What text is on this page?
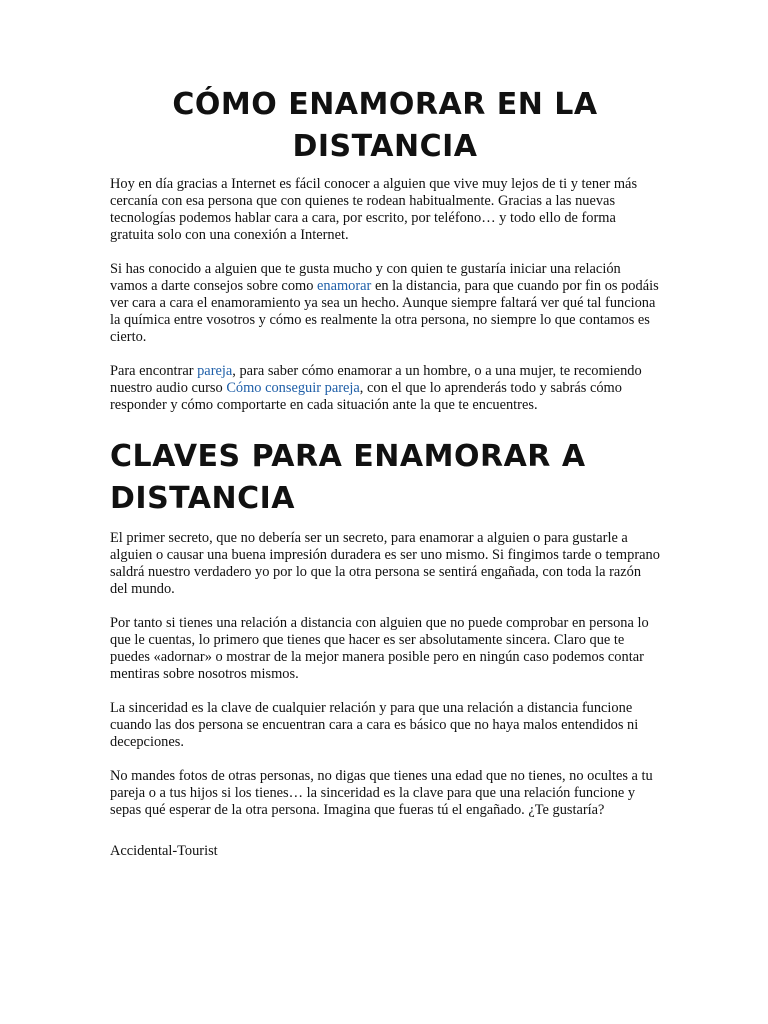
CÓMO ENAMORAR EN LA DISTANCIA

Hoy en día gracias a Internet es fácil conocer a alguien que vive muy lejos de ti y tener más cercanía con esa persona que con quienes te rodean habitualmente. Gracias a las nuevas tecnologías podemos hablar cara a cara, por escrito, por teléfono… y todo ello de forma gratuita solo con una conexión a Internet.

Si has conocido a alguien que te gusta mucho y con quien te gustaría iniciar una relación vamos a darte consejos sobre como enamorar en la distancia, para que cuando por fin os podáis ver cara a cara el enamoramiento ya sea un hecho. Aunque siempre faltará ver qué tal funciona la química entre vosotros y cómo es realmente la otra persona, no siempre lo que contamos es cierto.

Para encontrar pareja, para saber cómo enamorar a un hombre, o a una mujer, te recomiendo nuestro audio curso Cómo conseguir pareja, con el que lo aprenderás todo y sabrás cómo responder y cómo comportarte en cada situación ante la que te encuentres.

CLAVES PARA ENAMORAR A DISTANCIA

El primer secreto, que no debería ser un secreto, para enamorar a alguien o para gustarle a alguien o causar una buena impresión duradera es ser uno mismo. Si fingimos tarde o temprano saldrá nuestro verdadero yo por lo que la otra persona se sentirá engañada, con toda la razón del mundo.

Por tanto si tienes una relación a distancia con alguien que no puede comprobar en persona lo que le cuentas, lo primero que tienes que hacer es ser absolutamente sincera. Claro que te puedes «adornar» o mostrar de la mejor manera posible pero en ningún caso podemos contar mentiras sobre nosotros mismos.

La sinceridad es la clave de cualquier relación y para que una relación a distancia funcione cuando las dos persona se encuentran cara a cara es básico que no haya malos entendidos ni decepciones.

No mandes fotos de otras personas, no digas que tienes una edad que no tienes, no ocultes a tu pareja o a tus hijos si los tienes… la sinceridad es la clave para que una relación funcione y sepas qué esperar de la otra persona. Imagina que fueras tú el engañado. ¿Te gustaría?

Accidental-Tourist
